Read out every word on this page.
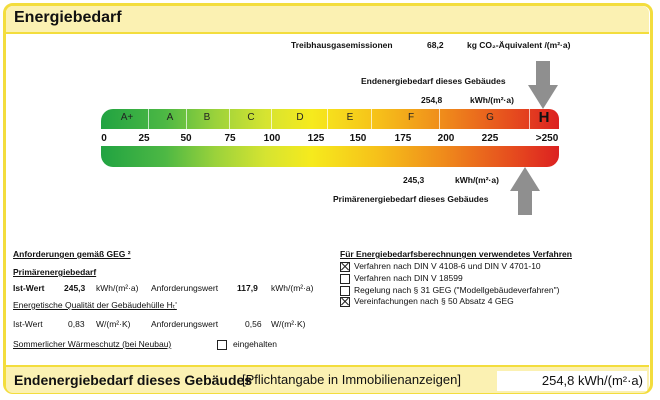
Energiebedarf
Treibhausgasemissionen	68,2	kg CO₂-Äquivalent /(m²·a)
Endenergiebedarf dieses Gebäudes
254,8	kWh/(m²·a)
A+	A	B	C	D	E	F	G	H
0	25	50	75	100	125	150	175	200	225	>250
245,3	kWh/(m²·a)
Primärenergiebedarf dieses Gebäudes
Anforderungen gemäß GEG ²
Primärenergiebedarf
Ist-Wert 245,3 kWh/(m²·a) Anforderungswert 117,9 kWh/(m²·a)
Energetische Qualität der Gebäudehülle Hₜ'
Ist-Wert	0,83 W/(m²·K) Anforderungswert	0,56 W/(m²·K)
Sommerlicher Wärmeschutz (bei Neubau)	eingehalten
Für Energiebedarfsberechnungen verwendetes Verfahren
Verfahren nach DIN V 4108-6 und DIN V 4701-10
Verfahren nach DIN V 18599
Regelung nach § 31 GEG ("Modellgebäudeverfahren")
Vereinfachungen nach § 50 Absatz 4 GEG
Endenergiebedarf dieses Gebäudes
[Pflichtangabe in Immobilienanzeigen]	254,8 kWh/(m²·a)
